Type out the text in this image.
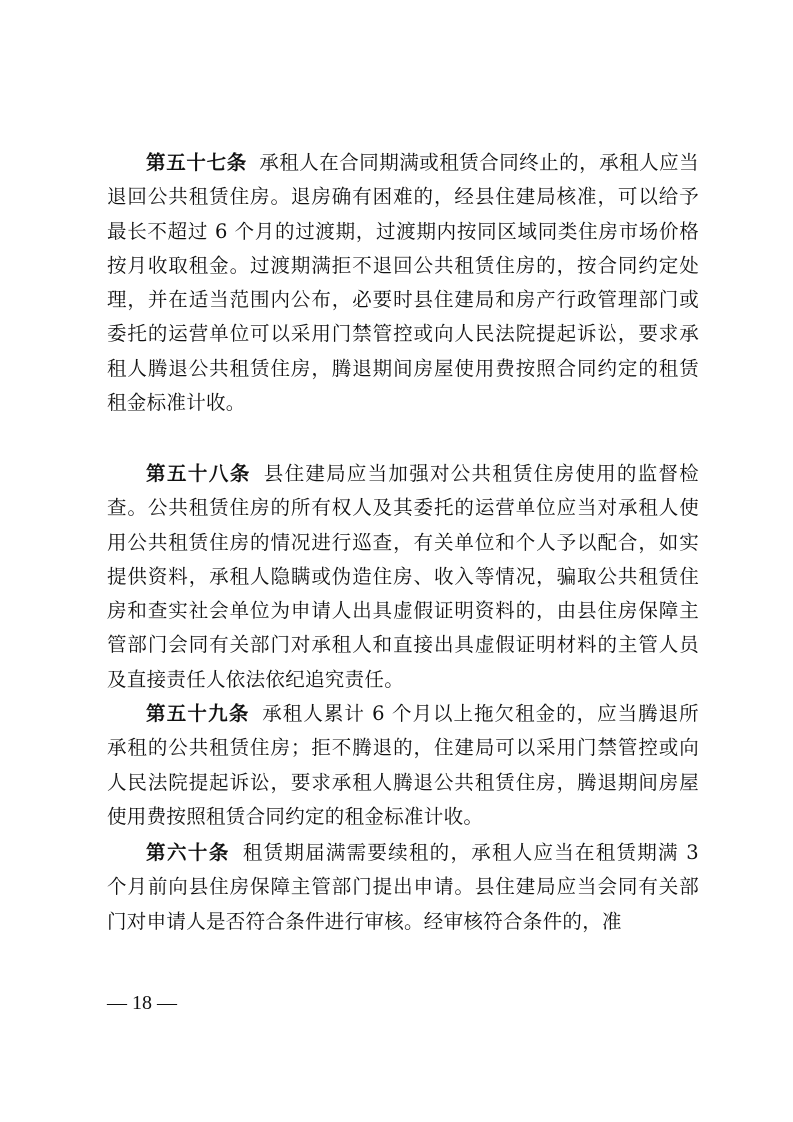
第五十七条 承租人在合同期满或租赁合同终止的，承租人应当退回公共租赁住房。退房确有困难的，经县住建局核准，可以给予最长不超过 6 个月的过渡期，过渡期内按同区域同类住房市场价格按月收取租金。过渡期满拒不退回公共租赁住房的，按合同约定处理，并在适当范围内公布，必要时县住建局和房产行政管理部门或委托的运营单位可以采用门禁管控或向人民法院提起诉讼，要求承租人腾退公共租赁住房，腾退期间房屋使用费按照合同约定的租赁租金标准计收。

第五十八条 县住建局应当加强对公共租赁住房使用的监督检查。公共租赁住房的所有权人及其委托的运营单位应当对承租人使用公共租赁住房的情况进行巡查，有关单位和个人予以配合，如实提供资料，承租人隐瞒或伪造住房、收入等情况，骗取公共租赁住房和查实社会单位为申请人出具虚假证明资料的，由县住房保障主管部门会同有关部门对承租人和直接出具虚假证明材料的主管人员及直接责任人依法依纪追究责任。

第五十九条 承租人累计 6 个月以上拖欠租金的，应当腾退所承租的公共租赁住房；拒不腾退的，住建局可以采用门禁管控或向人民法院提起诉讼，要求承租人腾退公共租赁住房，腾退期间房屋使用费按照租赁合同约定的租金标准计收。

第六十条 租赁期届满需要续租的，承租人应当在租赁期满 3 个月前向县住房保障主管部门提出申请。县住建局应当会同有关部门对申请人是否符合条件进行审核。经审核符合条件的，准

— 18 —
